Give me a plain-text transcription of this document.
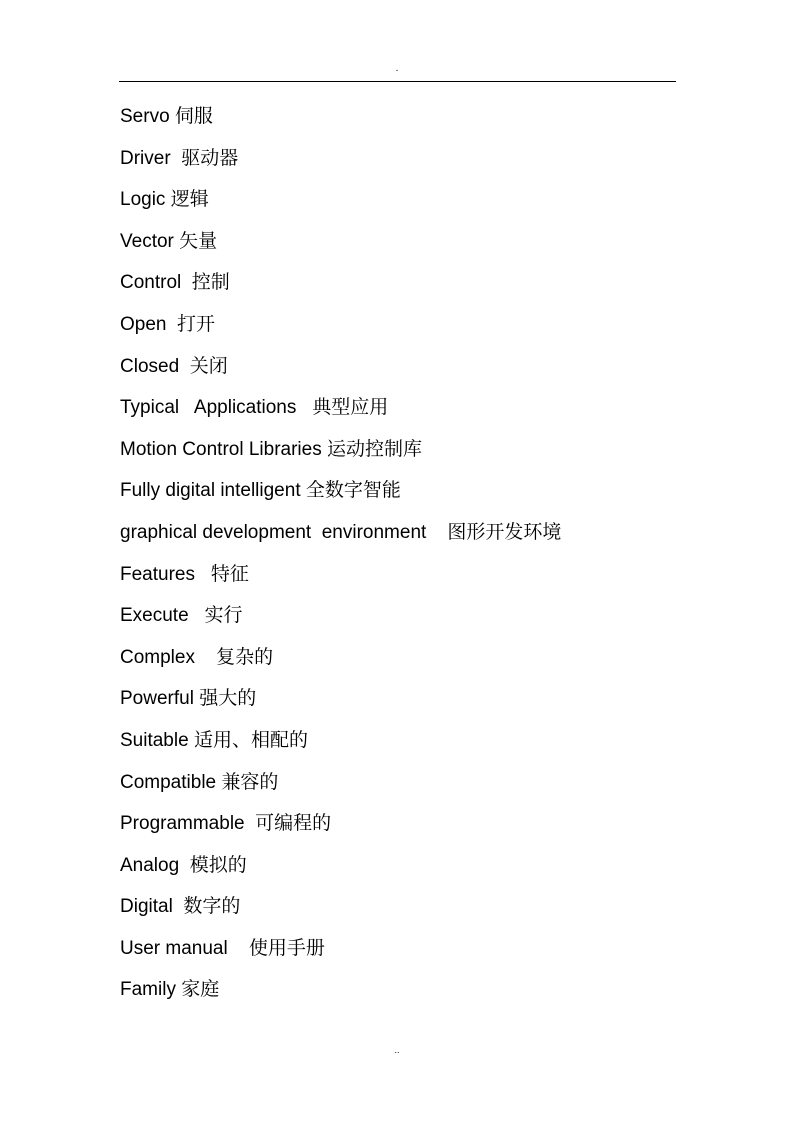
.
Servo 伺服
Driver  驱动器
Logic 逻辑
Vector 矢量
Control  控制
Open  打开
Closed  关闭
Typical   Applications   典型应用
Motion Control Libraries 运动控制库
Fully digital intelligent 全数字智能
graphical development  environment    图形开发环境
Features   特征
Execute   实行
Complex    复杂的
Powerful 强大的
Suitable 适用、相配的
Compatible 兼容的
Programmable  可编程的
Analog  模拟的
Digital  数字的
User manual    使用手册
Family 家庭
..
